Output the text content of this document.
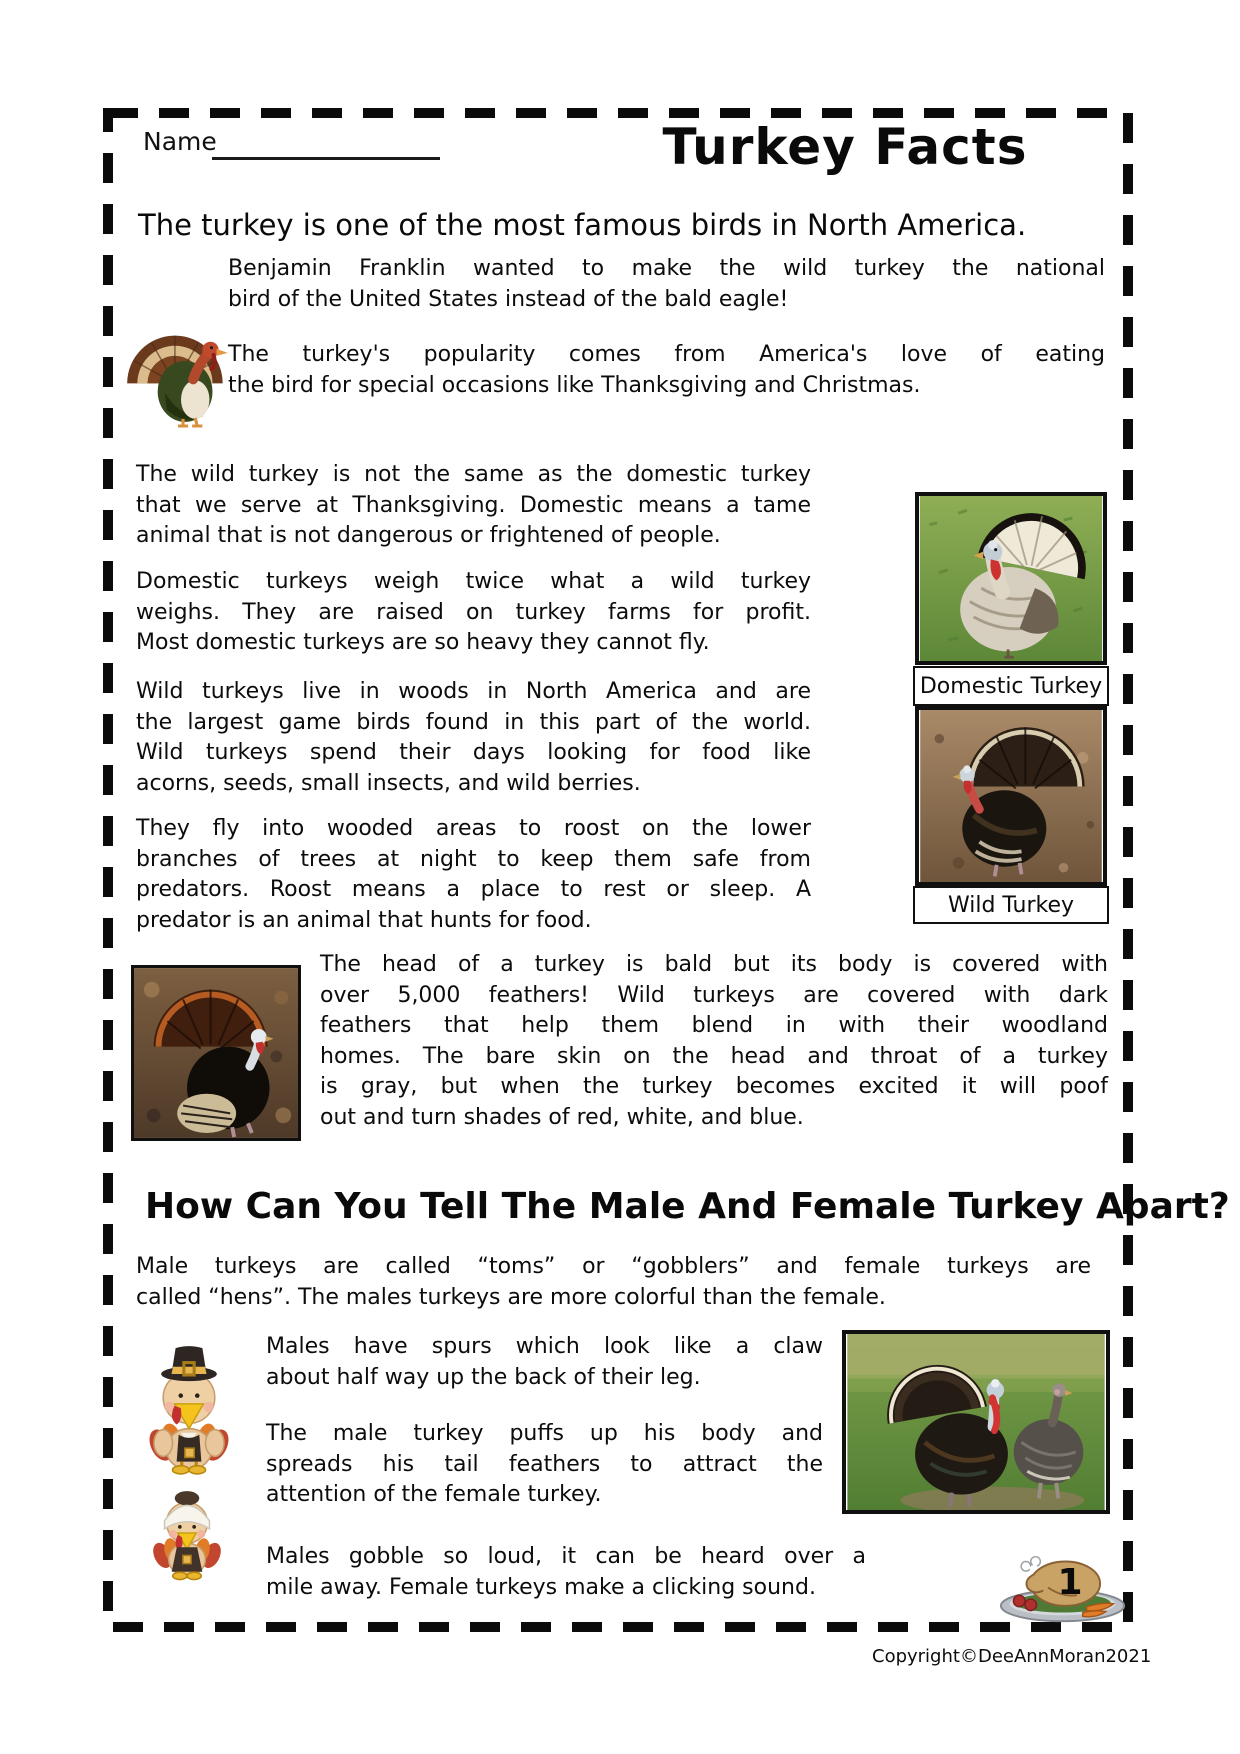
Name	Turkey Facts
The turkey is one of the most famous birds in North America.
Benjamin Franklin wanted to make the wild turkey the national
bird of the United States instead of the bald eagle!
The turkey's popularity comes from America's love of eating
the bird for special occasions like Thanksgiving and Christmas.
The wild turkey is not the same as the domestic turkey
that we serve at Thanksgiving. Domestic means a tame
animal that is not dangerous or frightened of people.
Domestic turkeys weigh twice what a wild turkey
weighs. They are raised on turkey farms for profit.
Most domestic turkeys are so heavy they cannot fly.
Wild turkeys live in woods in North America and are
the largest game birds found in this part of the world.
Wild turkeys spend their days looking for food like
acorns, seeds, small insects, and wild berries.
They fly into wooded areas to roost on the lower
branches of trees at night to keep them safe from
predators. Roost means a place to rest or sleep. A
predator is an animal that hunts for food.
Domestic Turkey
Wild Turkey
The head of a turkey is bald but its body is covered with
over 5,000 feathers! Wild turkeys are covered with dark
feathers that help them blend in with their woodland
homes. The bare skin on the head and throat of a turkey
is gray, but when the turkey becomes excited it will poof
out and turn shades of red, white, and blue.
How Can You Tell The Male And Female Turkey Apart?
Male turkeys are called “toms” or “gobblers” and female turkeys are
called “hens”. The males turkeys are more colorful than the female.
Males have spurs which look like a claw
about half way up the back of their leg.
The male turkey puffs up his body and
spreads his tail feathers to attract the
attention of the female turkey.
Males gobble so loud, it can be heard over a
mile away. Female turkeys make a clicking sound.	1
Copyright©DeeAnnMoran2021
